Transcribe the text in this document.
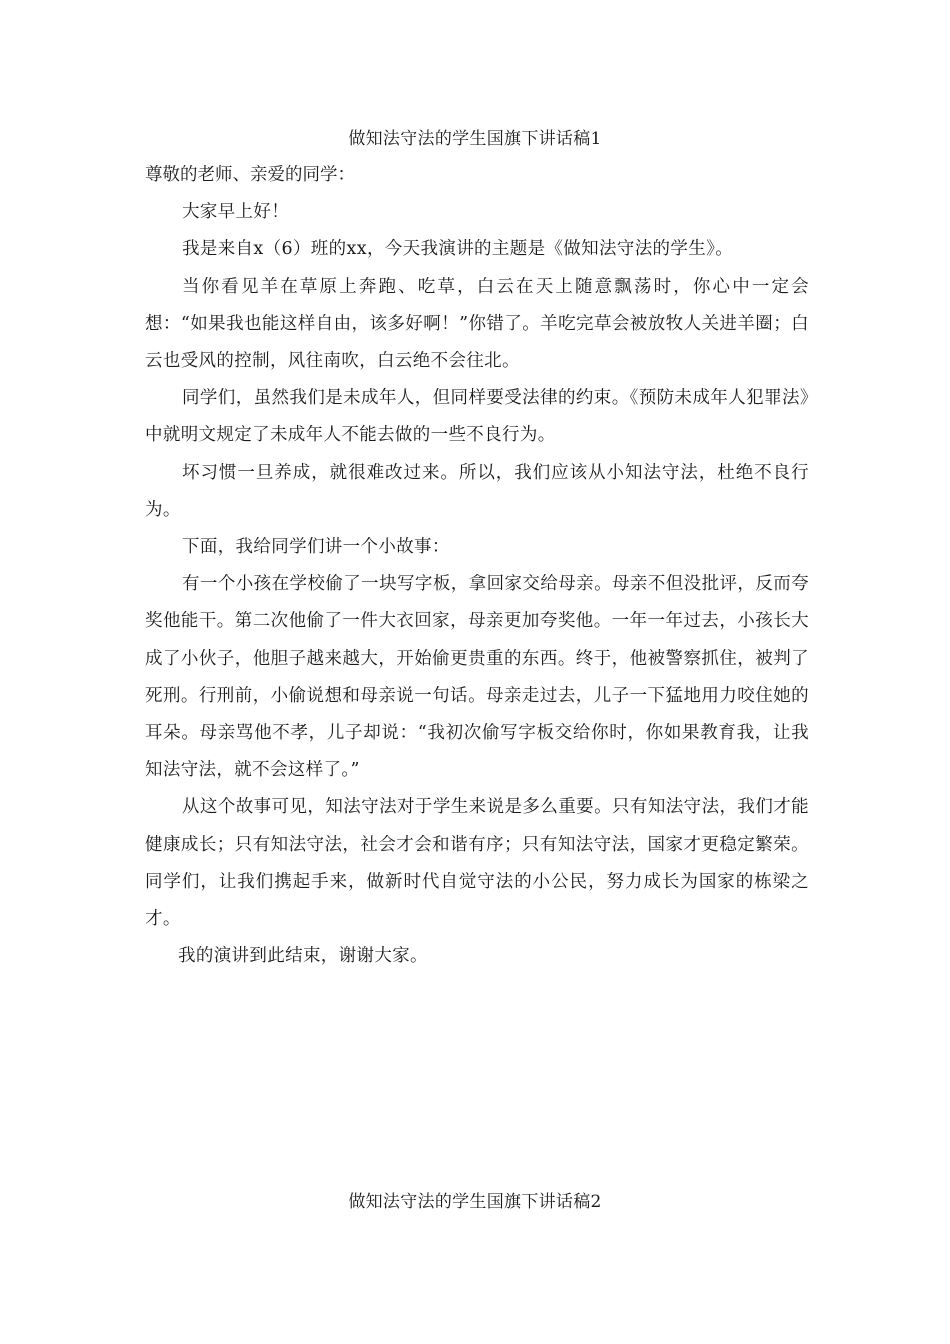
做知法守法的学生国旗下讲话稿1

尊敬的老师、亲爱的同学：

大家早上好！

我是来自x（6）班的xx，今天我演讲的主题是《做知法守法的学生》。

当你看见羊在草原上奔跑、吃草，白云在天上随意飘荡时，你心中一定会想：“如果我也能这样自由，该多好啊！”你错了。羊吃完草会被放牧人关进羊圈；白云也受风的控制，风往南吹，白云绝不会往北。

同学们，虽然我们是未成年人，但同样要受法律的约束。《预防未成年人犯罪法》中就明文规定了未成年人不能去做的一些不良行为。

坏习惯一旦养成，就很难改过来。所以，我们应该从小知法守法，杜绝不良行为。

下面，我给同学们讲一个小故事：

有一个小孩在学校偷了一块写字板，拿回家交给母亲。母亲不但没批评，反而夸奖他能干。第二次他偷了一件大衣回家，母亲更加夸奖他。一年一年过去，小孩长大成了小伙子，他胆子越来越大，开始偷更贵重的东西。终于，他被警察抓住，被判了死刑。行刑前，小偷说想和母亲说一句话。母亲走过去，儿子一下猛地用力咬住她的耳朵。母亲骂他不孝，儿子却说：“我初次偷写字板交给你时，你如果教育我，让我知法守法，就不会这样了。”

从这个故事可见，知法守法对于学生来说是多么重要。只有知法守法，我们才能健康成长；只有知法守法，社会才会和谐有序；只有知法守法，国家才更稳定繁荣。同学们，让我们携起手来，做新时代自觉守法的小公民，努力成长为国家的栋梁之才。

我的演讲到此结束，谢谢大家。

做知法守法的学生国旗下讲话稿2
